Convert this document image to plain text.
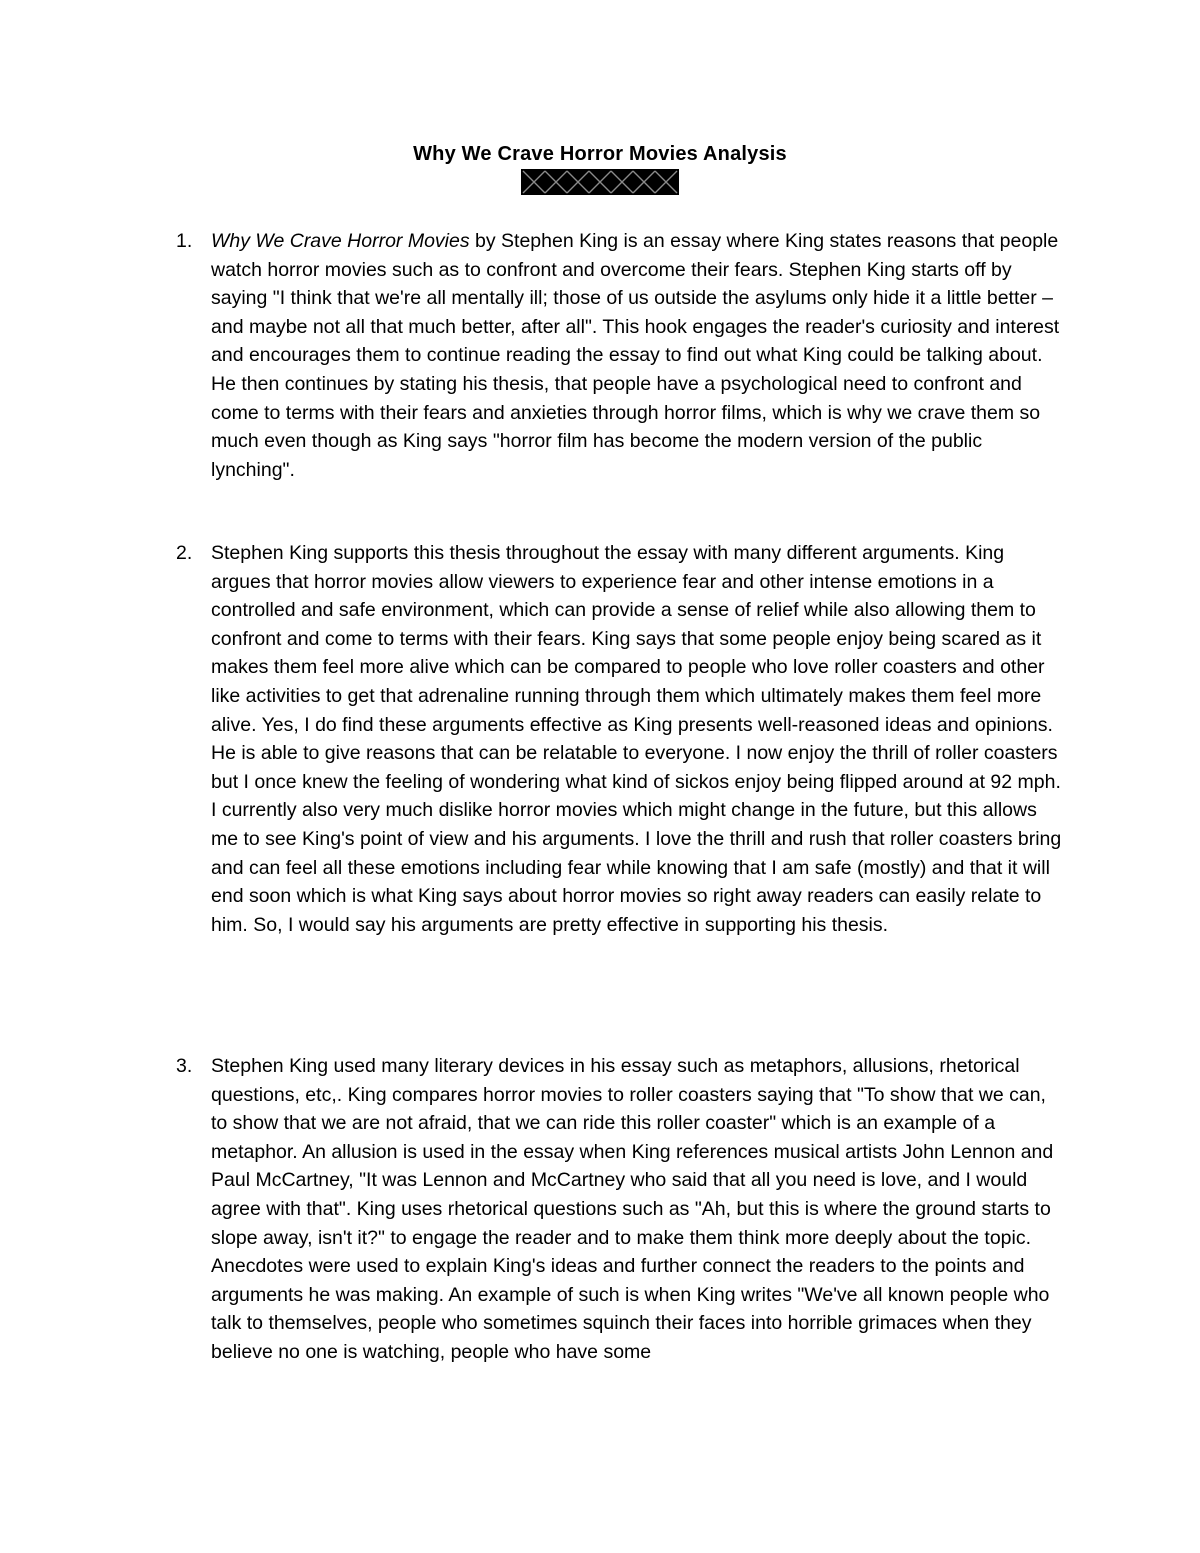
Why We Crave Horror Movies Analysis
1. Why We Crave Horror Movies by Stephen King is an essay where King states reasons that people watch horror movies such as to confront and overcome their fears. Stephen King starts off by saying "I think that we're all mentally ill; those of us outside the asylums only hide it a little better – and maybe not all that much better, after all". This hook engages the reader's curiosity and interest and encourages them to continue reading the essay to find out what King could be talking about. He then continues by stating his thesis, that people have a psychological need to confront and come to terms with their fears and anxieties through horror films, which is why we crave them so much even though as King says "horror film has become the modern version of the public lynching".

2. Stephen King supports this thesis throughout the essay with many different arguments. King argues that horror movies allow viewers to experience fear and other intense emotions in a controlled and safe environment, which can provide a sense of relief while also allowing them to confront and come to terms with their fears. King says that some people enjoy being scared as it makes them feel more alive which can be compared to people who love roller coasters and other like activities to get that adrenaline running through them which ultimately makes them feel more alive. Yes, I do find these arguments effective as King presents well-reasoned ideas and opinions. He is able to give reasons that can be relatable to everyone. I now enjoy the thrill of roller coasters but I once knew the feeling of wondering what kind of sickos enjoy being flipped around at 92 mph. I currently also very much dislike horror movies which might change in the future, but this allows me to see King's point of view and his arguments. I love the thrill and rush that roller coasters bring and can feel all these emotions including fear while knowing that I am safe (mostly) and that it will end soon which is what King says about horror movies so right away readers can easily relate to him. So, I would say his arguments are pretty effective in supporting his thesis.

3. Stephen King used many literary devices in his essay such as metaphors, allusions, rhetorical questions, etc,. King compares horror movies to roller coasters saying that "To show that we can, to show that we are not afraid, that we can ride this roller coaster" which is an example of a metaphor. An allusion is used in the essay when King references musical artists John Lennon and Paul McCartney, "It was Lennon and McCartney who said that all you need is love, and I would agree with that". King uses rhetorical questions such as "Ah, but this is where the ground starts to slope away, isn't it?" to engage the reader and to make them think more deeply about the topic. Anecdotes were used to explain King's ideas and further connect the readers to the points and arguments he was making. An example of such is when King writes "We've all known people who talk to themselves, people who sometimes squinch their faces into horrible grimaces when they believe no one is watching, people who have some
